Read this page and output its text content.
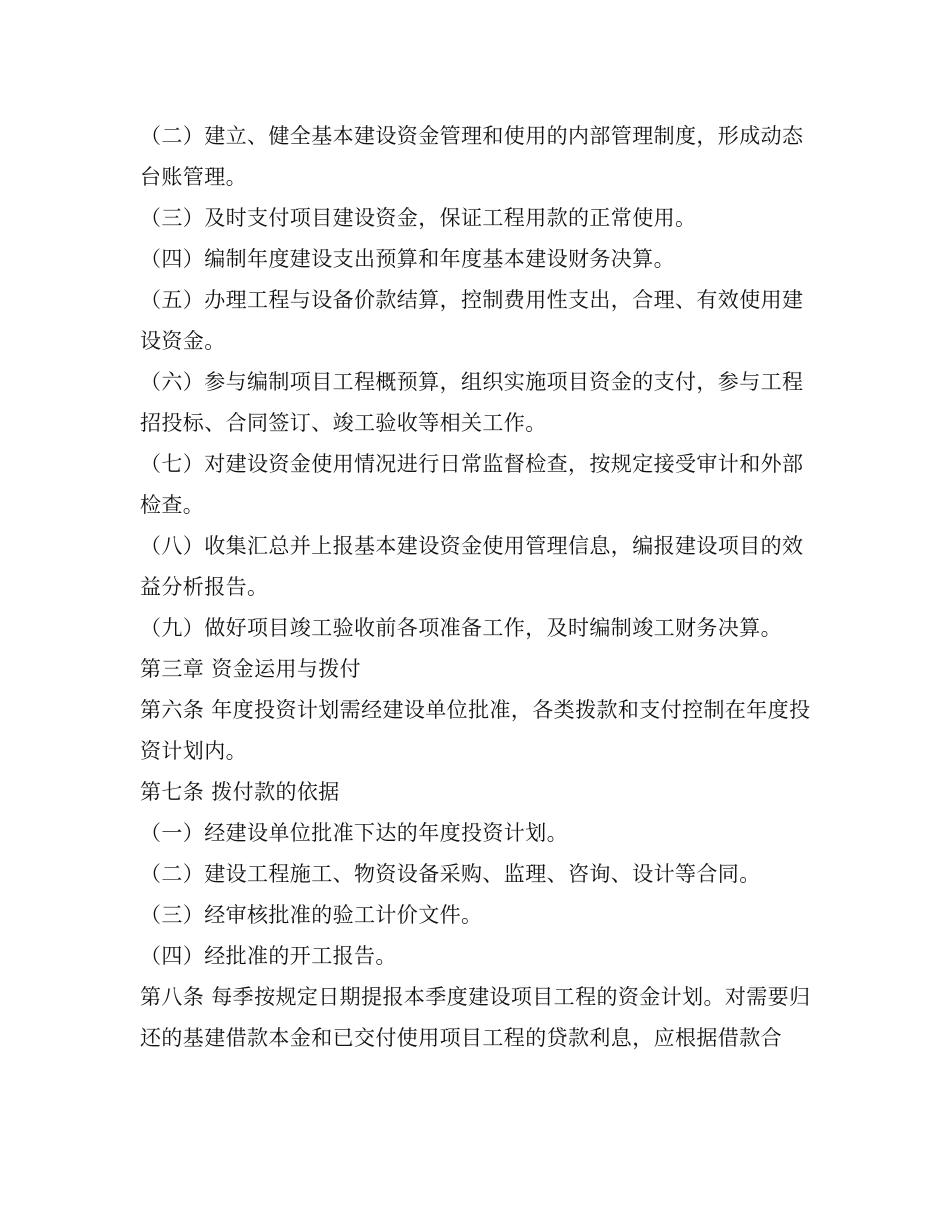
（二）建立、健全基本建设资金管理和使用的内部管理制度，形成动态台账管理。

（三）及时支付项目建设资金，保证工程用款的正常使用。

（四）编制年度建设支出预算和年度基本建设财务决算。

（五）办理工程与设备价款结算，控制费用性支出，合理、有效使用建设资金。

（六）参与编制项目工程概预算，组织实施项目资金的支付，参与工程招投标、合同签订、竣工验收等相关工作。

（七）对建设资金使用情况进行日常监督检查，按规定接受审计和外部检查。

（八）收集汇总并上报基本建设资金使用管理信息，编报建设项目的效益分析报告。

（九）做好项目竣工验收前各项准备工作，及时编制竣工财务决算。

第三章 资金运用与拨付

第六条 年度投资计划需经建设单位批准，各类拨款和支付控制在年度投资计划内。

第七条 拨付款的依据

（一）经建设单位批准下达的年度投资计划。

（二）建设工程施工、物资设备采购、监理、咨询、设计等合同。

（三）经审核批准的验工计价文件。

（四）经批准的开工报告。

第八条 每季按规定日期提报本季度建设项目工程的资金计划。对需要归还的基建借款本金和已交付使用项目工程的贷款利息，应根据借款合
